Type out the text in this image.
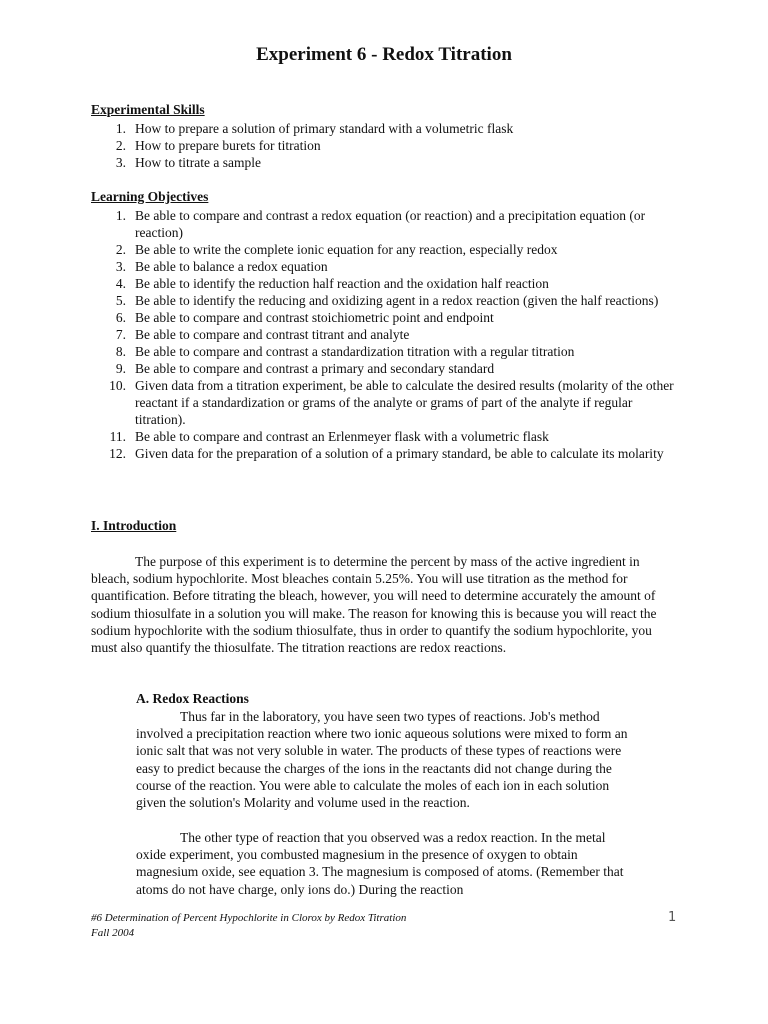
Experiment 6 - Redox Titration
Experimental Skills
1. How to prepare a solution of primary standard with a volumetric flask
2. How to prepare burets for titration
3. How to titrate a sample
Learning Objectives
1. Be able to compare and contrast a redox equation (or reaction) and a precipitation equation (or reaction)
2. Be able to write the complete ionic equation for any reaction, especially redox
3. Be able to balance a redox equation
4. Be able to identify the reduction half reaction and the oxidation half reaction
5. Be able to identify the reducing and oxidizing agent in a redox reaction (given the half reactions)
6. Be able to compare and contrast stoichiometric point and endpoint
7. Be able to compare and contrast titrant and analyte
8. Be able to compare and contrast a standardization titration with a regular titration
9. Be able to compare and contrast a primary and secondary standard
10. Given data from a titration experiment, be able to calculate the desired results (molarity of the other reactant if a standardization or grams of the analyte or grams of part of the analyte if regular titration).
11. Be able to compare and contrast an Erlenmeyer flask with a volumetric flask
12. Given data for the preparation of a solution of a primary standard, be able to calculate its molarity
I. Introduction

The purpose of this experiment is to determine the percent by mass of the active ingredient in bleach, sodium hypochlorite. Most bleaches contain 5.25%. You will use titration as the method for quantification. Before titrating the bleach, however, you will need to determine accurately the amount of sodium thiosulfate in a solution you will make. The reason for knowing this is because you will react the sodium hypochlorite with the sodium thiosulfate, thus in order to quantify the sodium hypochlorite, you must also quantify the thiosulfate. The titration reactions are redox reactions.

A. Redox Reactions

Thus far in the laboratory, you have seen two types of reactions. Job's method involved a precipitation reaction where two ionic aqueous solutions were mixed to form an ionic salt that was not very soluble in water. The products of these types of reactions were easy to predict because the charges of the ions in the reactants did not change during the course of the reaction. You were able to calculate the moles of each ion in each solution given the solution's Molarity and volume used in the reaction.

The other type of reaction that you observed was a redox reaction. In the metal oxide experiment, you combusted magnesium in the presence of oxygen to obtain magnesium oxide, see equation 3. The magnesium is composed of atoms. (Remember that atoms do not have charge, only ions do.) During the reaction

#6 Determination of Percent Hypochlorite in Clorox by Redox Titration
Fall 2004
1
